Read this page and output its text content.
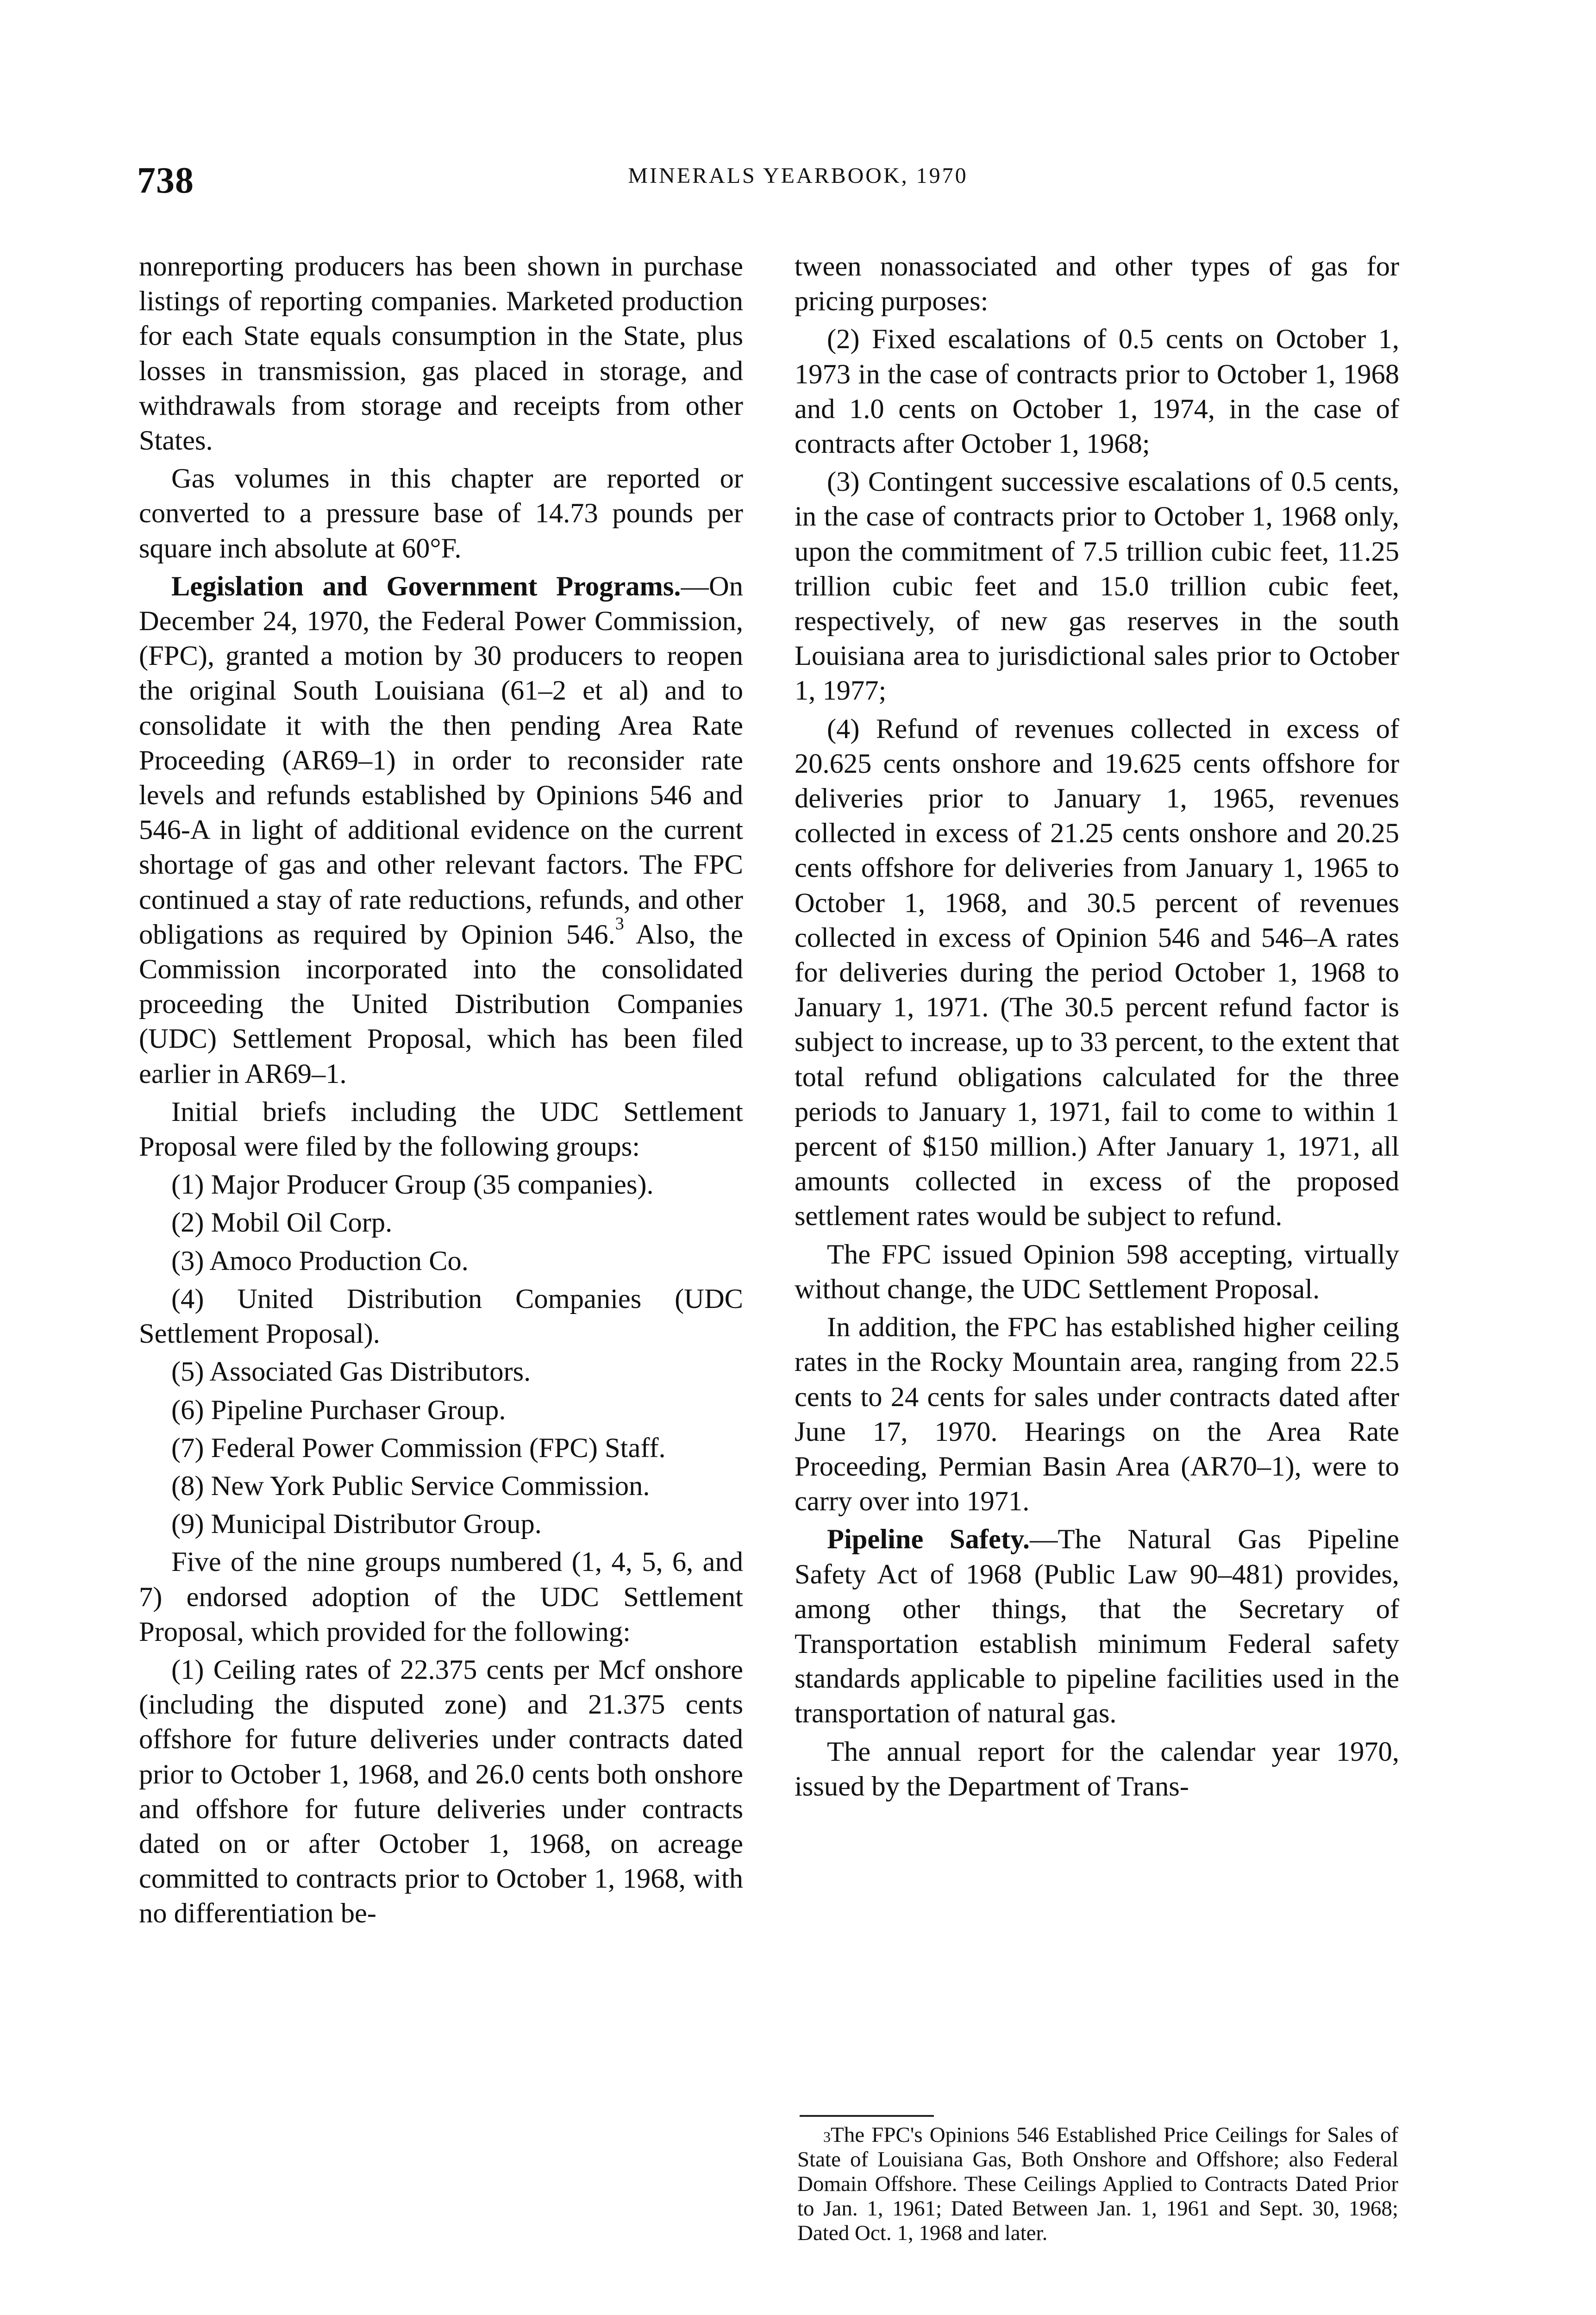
738	MINERALS YEARBOOK, 1970

nonreporting producers has been shown in purchase listings of reporting companies. Marketed production for each State equals consumption in the State, plus losses in transmission, gas placed in storage, and withdrawals from storage and receipts from other States.

Gas volumes in this chapter are reported or converted to a pressure base of 14.73 pounds per square inch absolute at 60°F.

Legislation and Government Programs.—On December 24, 1970, the Federal Power Commission, (FPC), granted a motion by 30 producers to reopen the original South Louisiana (61–2 et al) and to consolidate it with the then pending Area Rate Proceeding (AR69–1) in order to reconsider rate levels and refunds established by Opinions 546 and 546-A in light of additional evidence on the current shortage of gas and other relevant factors. The FPC continued a stay of rate reductions, refunds, and other obligations as required by Opinion 546.$^3$ Also, the Commission incorporated into the consolidated proceeding the United Distribution Companies (UDC) Settlement Proposal, which has been filed earlier in AR69–1.

Initial briefs including the UDC Settlement Proposal were filed by the following groups:

(1) Major Producer Group (35 companies).

(2) Mobil Oil Corp.

(3) Amoco Production Co.

(4) United Distribution Companies (UDC Settlement Proposal).

(5) Associated Gas Distributors.

(6) Pipeline Purchaser Group.

(7) Federal Power Commission (FPC) Staff.

(8) New York Public Service Commission.

(9) Municipal Distributor Group.

Five of the nine groups numbered (1, 4, 5, 6, and 7) endorsed adoption of the UDC Settlement Proposal, which provided for the following:

(1) Ceiling rates of 22.375 cents per Mcf onshore (including the disputed zone) and 21.375 cents offshore for future deliveries under contracts dated prior to October 1, 1968, and 26.0 cents both onshore and offshore for future deliveries under contracts dated on or after October 1, 1968, on acreage committed to contracts prior to October 1, 1968, with no differentiation be-

tween nonassociated and other types of gas for pricing purposes:

(2) Fixed escalations of 0.5 cents on October 1, 1973 in the case of contracts prior to October 1, 1968 and 1.0 cents on October 1, 1974, in the case of contracts after October 1, 1968;

(3) Contingent successive escalations of 0.5 cents, in the case of contracts prior to October 1, 1968 only, upon the commitment of 7.5 trillion cubic feet, 11.25 trillion cubic feet and 15.0 trillion cubic feet, respectively, of new gas reserves in the south Louisiana area to jurisdictional sales prior to October 1, 1977;

(4) Refund of revenues collected in excess of 20.625 cents onshore and 19.625 cents offshore for deliveries prior to January 1, 1965, revenues collected in excess of 21.25 cents onshore and 20.25 cents offshore for deliveries from January 1, 1965 to October 1, 1968, and 30.5 percent of revenues collected in excess of Opinion 546 and 546–A rates for deliveries during the period October 1, 1968 to January 1, 1971. (The 30.5 percent refund factor is subject to increase, up to 33 percent, to the extent that total refund obligations calculated for the three periods to January 1, 1971, fail to come to within 1 percent of $150 million.) After January 1, 1971, all amounts collected in excess of the proposed settlement rates would be subject to refund.

The FPC issued Opinion 598 accepting, virtually without change, the UDC Settlement Proposal.

In addition, the FPC has established higher ceiling rates in the Rocky Mountain area, ranging from 22.5 cents to 24 cents for sales under contracts dated after June 17, 1970. Hearings on the Area Rate Proceeding, Permian Basin Area (AR70–1), were to carry over into 1971.

Pipeline Safety.—The Natural Gas Pipeline Safety Act of 1968 (Public Law 90–481) provides, among other things, that the Secretary of Transportation establish minimum Federal safety standards applicable to pipeline facilities used in the transportation of natural gas.

The annual report for the calendar year 1970, issued by the Department of Trans-

$^3$The FPC's Opinions 546 Established Price Ceilings for Sales of State of Louisiana Gas, Both Onshore and Offshore; also Federal Domain Offshore. These Ceilings Applied to Contracts Dated Prior to Jan. 1, 1961; Dated Between Jan. 1, 1961 and Sept. 30, 1968; Dated Oct. 1, 1968 and later.
